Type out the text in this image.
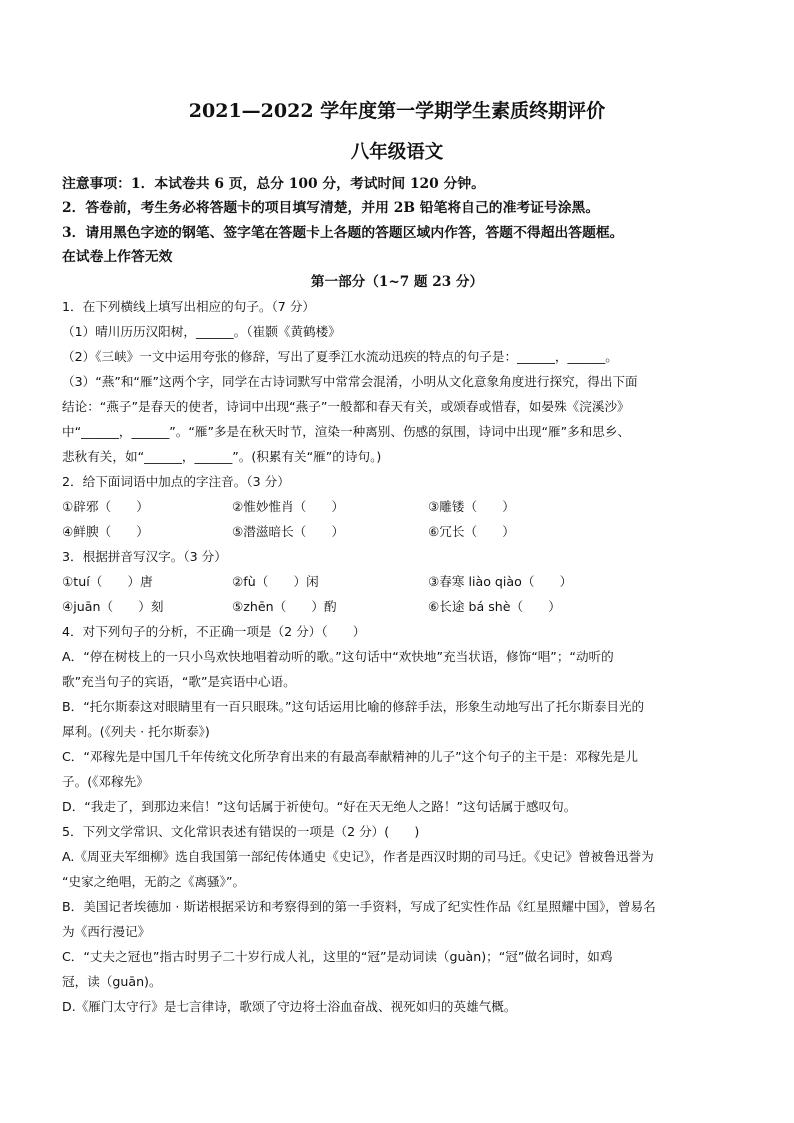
2021—2022 学年度第一学期学生素质终期评价
八年级语文
注意事项：1．本试卷共 6 页，总分 100 分，考试时间 120 分钟。
2．答卷前，考生务必将答题卡的项目填写清楚，并用 2B 铅笔将自己的准考证号涂黑。
3．请用黑色字迹的钢笔、签字笔在答题卡上各题的答题区域内作答，答题不得超出答题框。
在试卷上作答无效
第一部分（1~7 题 23 分）
1．在下列横线上填写出相应的句子。（7 分）
（1）晴川历历汉阳树，______。（崔颢《黄鹤楼》
（2）《三峡》一文中运用夸张的修辞，写出了夏季江水流动迅疾的特点的句子是：______，______。
（3）“燕”和“雁”这两个字，同学在古诗词默写中常常会混淆，小明从文化意象角度进行探究，得出下面
结论：“燕子”是春天的使者，诗词中出现“燕子”一般都和春天有关，或颂春或惜春，如晏殊《浣溪沙》
中“______，______”。“雁”多是在秋天时节，渲染一种离别、伤感的氛围，诗词中出现“雁”多和思乡、
悲秋有关，如“______，______”。(积累有关“雁”的诗句。)
2．给下面词语中加点的字注音。（3 分）
①辟邪（　　）	②惟妙惟肖（　　）	③雕镂（　　）
④鲜腴（　　）	⑤潜滋暗长（　　）	⑥冗长（　　）
3．根据拼音写汉字。（3 分）
①tuí（　　）唐	②fù（　　）闲	③春寒 liào qiào（　　）
④juān（　　）刻	⑤zhēn（　　）酌	⑥长途 bá shè（　　）
4．对下列句子的分析，不正确一项是（2 分）（　　）
A．“停在树枝上的一只小鸟欢快地唱着动听的歌。”这句话中“欢快地”充当状语，修饰“唱”；“动听的
歌”充当句子的宾语，“歌”是宾语中心语。
B．“托尔斯泰这对眼睛里有一百只眼珠。”这句话运用比喻的修辞手法，形象生动地写出了托尔斯泰目光的
犀利。(《列夫 · 托尔斯泰》)
C．“邓稼先是中国几千年传统文化所孕育出来的有最高奉献精神的儿子”这个句子的主干是：邓稼先是儿
子。(《邓稼先》
D．“我走了，到那边来信！”这句话属于祈使句。“好在天无绝人之路！”这句话属于感叹句。
5．下列文学常识、文化常识表述有错误的一项是（2 分）(　　)
A.《周亚夫军细柳》选自我国第一部纪传体通史《史记》，作者是西汉时期的司马迁。《史记》曾被鲁迅誉为
“史家之绝唱，无韵之《离骚》”。
B．美国记者埃德加 · 斯诺根据采访和考察得到的第一手资料，写成了纪实性作品《红星照耀中国》，曾易名
为《西行漫记》
C．“丈夫之冠也”指古时男子二十岁行成人礼，这里的“冠”是动词读（guàn)；“冠”做名词时，如鸡
冠，读（guān)。
D.《雁门太守行》是七言律诗，歌颂了守边将士浴血奋战、视死如归的英雄气概。
